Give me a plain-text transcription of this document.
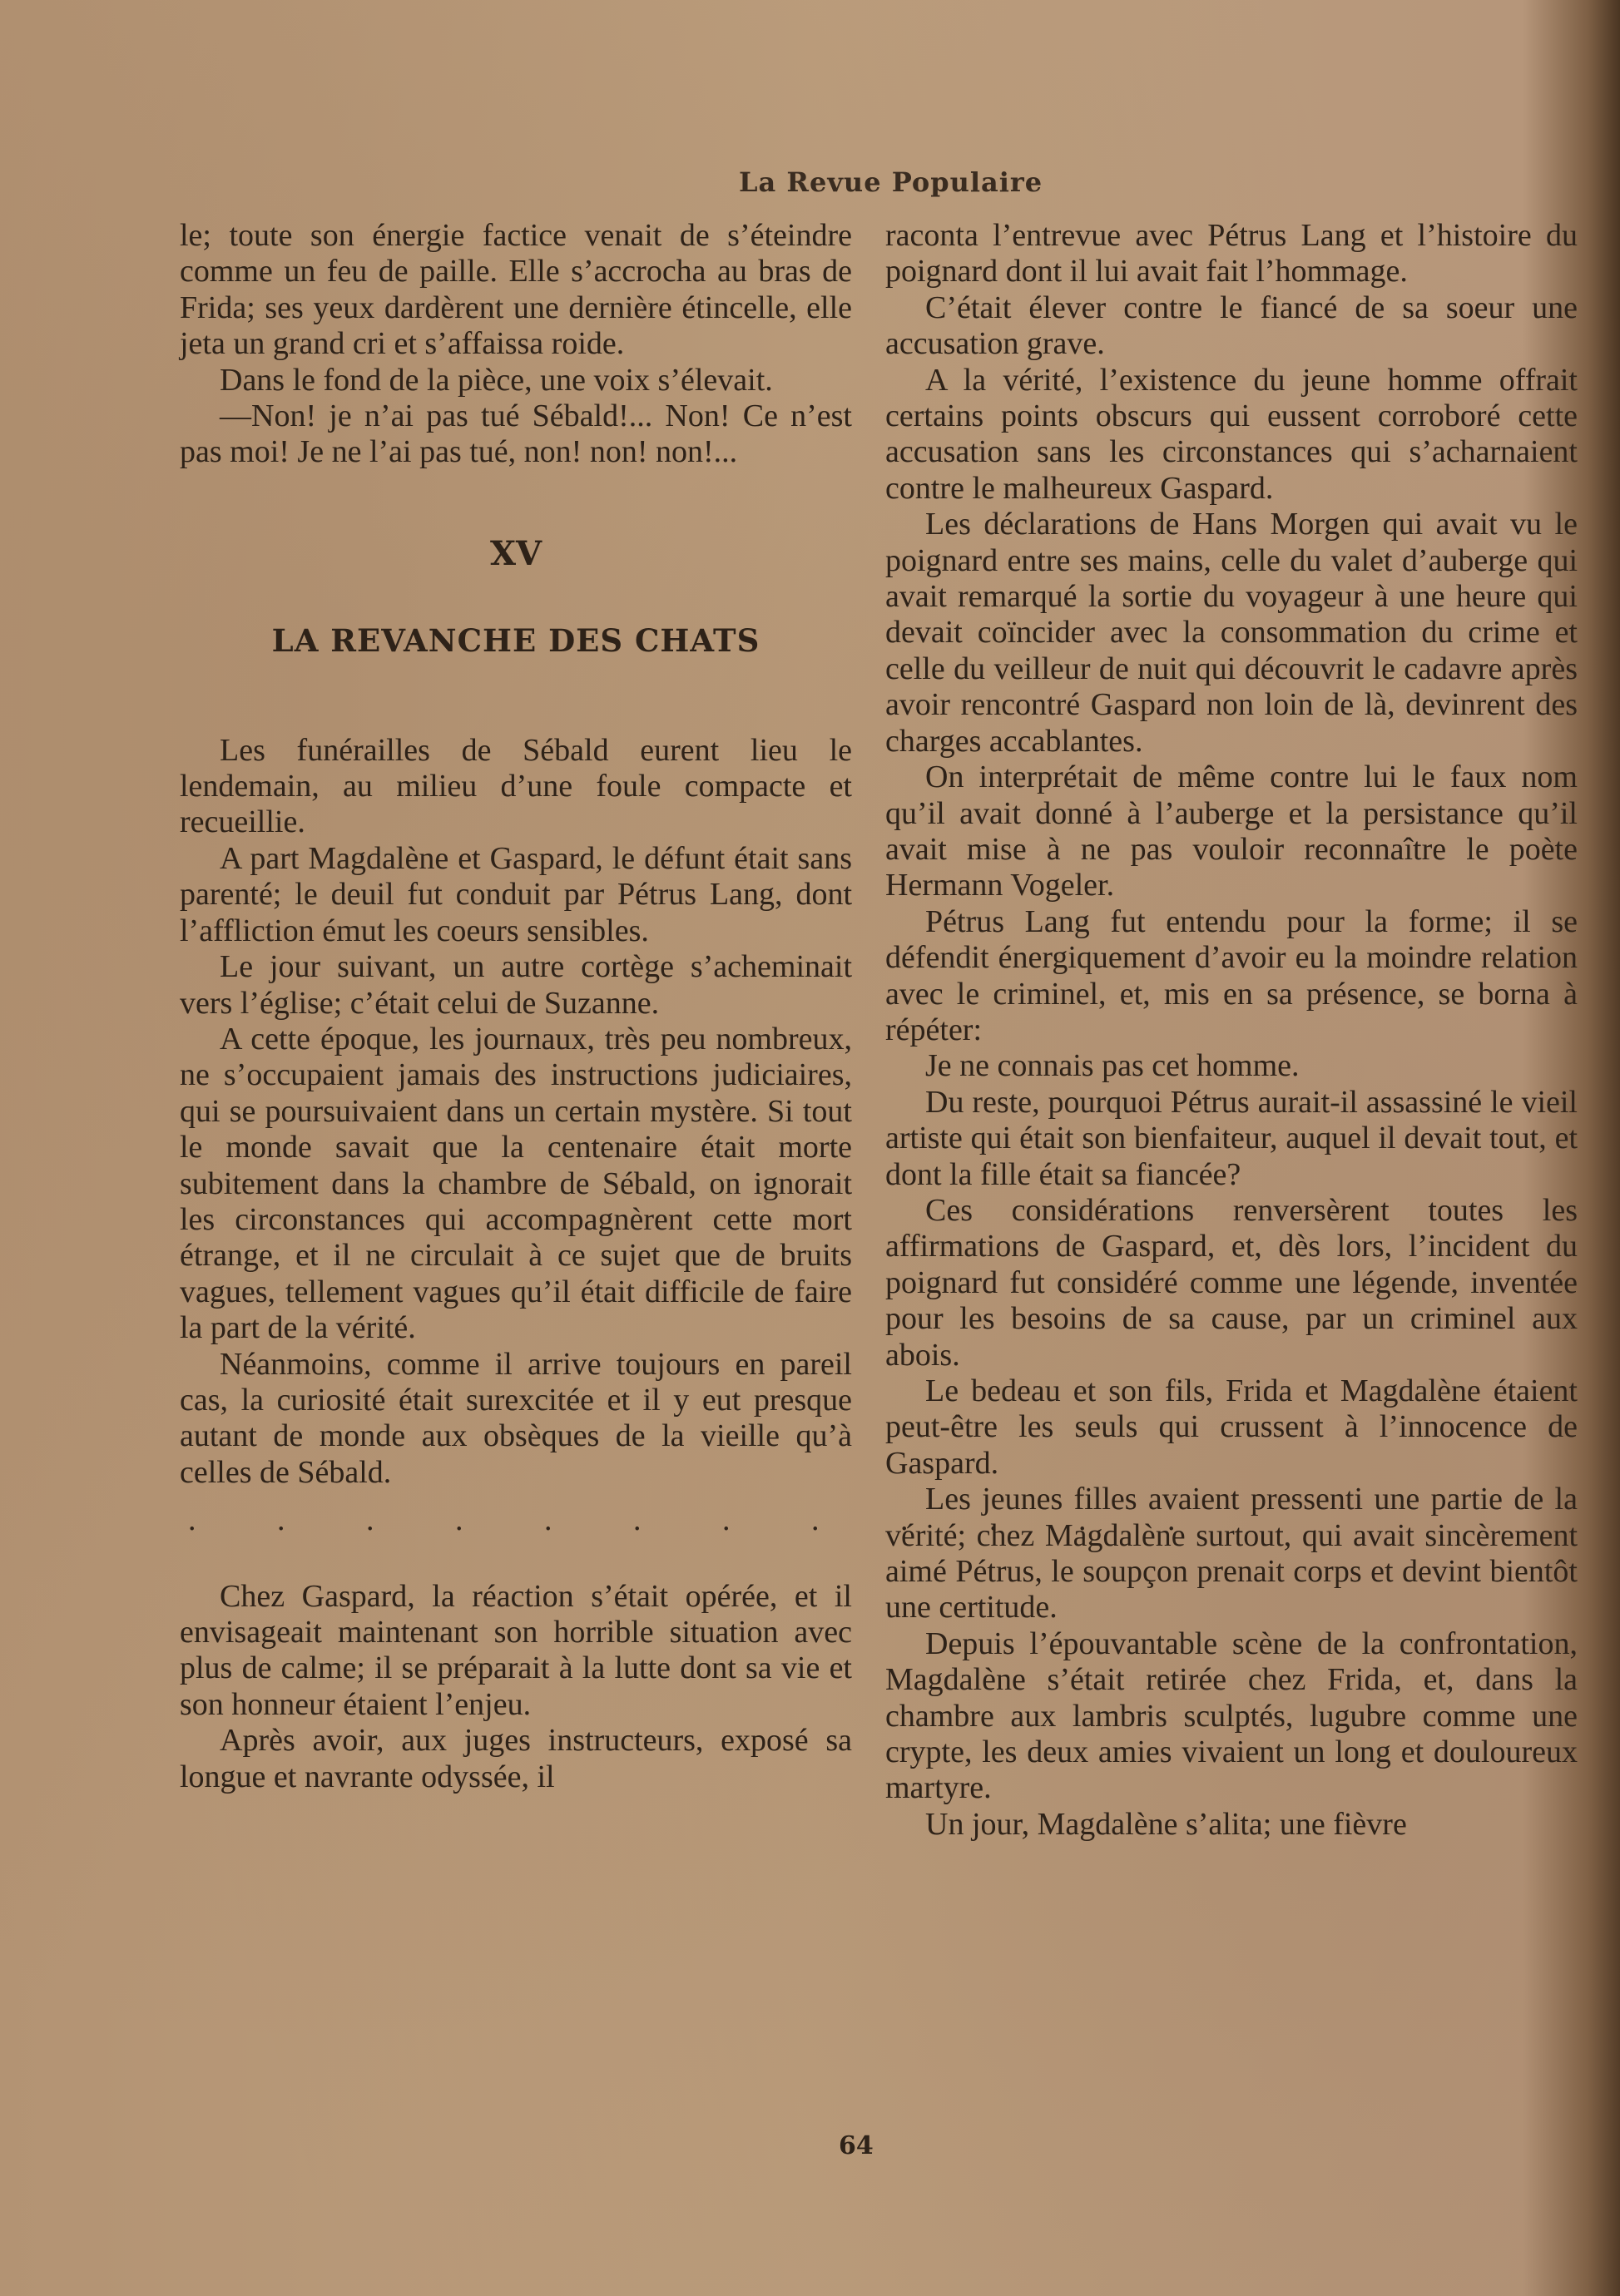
La Revue Populaire

le; toute son énergie factice venait de s’éteindre comme un feu de paille. Elle s’accrocha au bras de Frida; ses yeux dardèrent une dernière étincelle, elle jeta un grand cri et s’affaissa roide.

Dans le fond de la pièce, une voix s’élevait.

—Non! je n’ai pas tué Sébald!... Non! Ce n’est pas moi! Je ne l’ai pas tué, non! non! non!...

XV
LA REVANCHE DES CHATS

Les funérailles de Sébald eurent lieu le lendemain, au milieu d’une foule compacte et recueillie.

A part Magdalène et Gaspard, le défunt était sans parenté; le deuil fut conduit par Pétrus Lang, dont l’affliction émut les coeurs sensibles.

Le jour suivant, un autre cortège s’acheminait vers l’église; c’était celui de Suzanne.

A cette époque, les journaux, très peu nombreux, ne s’occupaient jamais des instructions judiciaires, qui se poursuivaient dans un certain mystère. Si tout le monde savait que la centenaire était morte subitement dans la chambre de Sébald, on ignorait les circonstances qui accompagnèrent cette mort étrange, et il ne circulait à ce sujet que de bruits vagues, tellement vagues qu’il était difficile de faire la part de la vérité.

Néanmoins, comme il arrive toujours en pareil cas, la curiosité était surexcitée et il y eut presque autant de monde aux obsèques de la vieille qu’à celles de Sébald.

. . . . . . . . . . . .

Chez Gaspard, la réaction s’était opérée, et il envisageait maintenant son horrible situation avec plus de calme; il se préparait à la lutte dont sa vie et son honneur étaient l’enjeu.

Après avoir, aux juges instructeurs, exposé sa longue et navrante odyssée, il

raconta l’entrevue avec Pétrus Lang et l’histoire du poignard dont il lui avait fait l’hommage.

C’était élever contre le fiancé de sa soeur une accusation grave.

A la vérité, l’existence du jeune homme offrait certains points obscurs qui eussent corroboré cette accusation sans les circonstances qui s’acharnaient contre le malheureux Gaspard.

Les déclarations de Hans Morgen qui avait vu le poignard entre ses mains, celle du valet d’auberge qui avait remarqué la sortie du voyageur à une heure qui devait coïncider avec la consommation du crime et celle du veilleur de nuit qui découvrit le cadavre après avoir rencontré Gaspard non loin de là, devinrent des charges accablantes.

On interprétait de même contre lui le faux nom qu’il avait donné à l’auberge et la persistance qu’il avait mise à ne pas vouloir reconnaître le poète Hermann Vogeler.

Pétrus Lang fut entendu pour la forme; il se défendit énergiquement d’avoir eu la moindre relation avec le criminel, et, mis en sa présence, se borna à répéter:

Je ne connais pas cet homme.

Du reste, pourquoi Pétrus aurait-il assassiné le vieil artiste qui était son bienfaiteur, auquel il devait tout, et dont la fille était sa fiancée?

Ces considérations renversèrent toutes les affirmations de Gaspard, et, dès lors, l’incident du poignard fut considéré comme une légende, inventée pour les besoins de sa cause, par un criminel aux abois.

Le bedeau et son fils, Frida et Magdalène étaient peut-être les seuls qui crussent à l’innocence de Gaspard.

Les jeunes filles avaient pressenti une partie de la vérité; chez Magdalène surtout, qui avait sincèrement aimé Pétrus, le soupçon prenait corps et devint bientôt une certitude.

Depuis l’épouvantable scène de la confrontation, Magdalène s’était retirée chez Frida, et, dans la chambre aux lambris sculptés, lugubre comme une crypte, les deux amies vivaient un long et douloureux martyre.

Un jour, Magdalène s’alita; une fièvre

64
